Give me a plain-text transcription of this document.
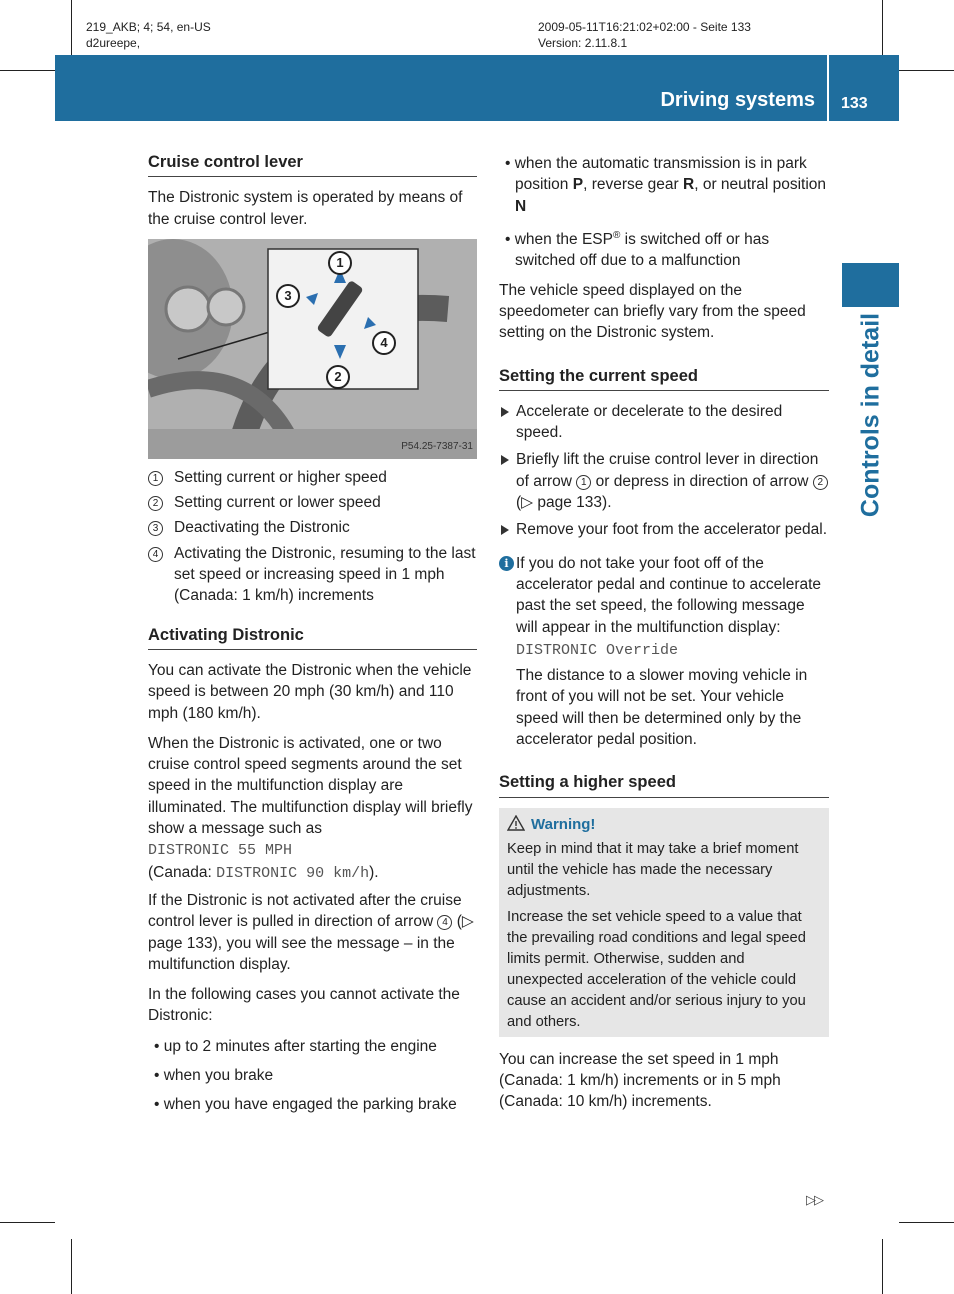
219_AKB; 4; 54, en-US
d2ureepe,
2009-05-11T16:21:02+02:00 - Seite 133
Version: 2.11.8.1
Driving systems 133
Controls in detail
Cruise control lever

The Distronic system is operated by means of the cruise control lever.

1
2
3
4
P54.25-7387-31
1	Setting current or higher speed
2	Setting current or lower speed
3	Deactivating the Distronic
4	Activating the Distronic, resuming to the last set speed or increasing speed in 1 mph (Canada: 1 km/h) increments
Activating Distronic

You can activate the Distronic when the vehicle speed is between 20 mph (30 km/h) and 110 mph (180 km/h).

When the Distronic is activated, one or two cruise control speed segments around the set speed in the multifunction display are illuminated. The multifunction display will briefly show a message such as
DISTRONIC 55 MPH
(Canada: DISTRONIC 90 km/h).

If the Distronic is not activated after the cruise control lever is pulled in direction of arrow 4 (▷ page 133), you will see the message – in the multifunction display.

In the following cases you cannot activate the Distronic:

• up to 2 minutes after starting the engine
• when you brake
• when you have engaged the parking brake
• when the automatic transmission is in park position P, reverse gear R, or neutral position N
• when the ESP® is switched off or has switched off due to a malfunction

The vehicle speed displayed on the speedometer can briefly vary from the speed setting on the Distronic system.

Setting the current speed
Accelerate or decelerate to the desired speed.
Briefly lift the cruise control lever in direction of arrow 1 or depress in direction of arrow 2 (▷ page 133).
Remove your foot from the accelerator pedal.
i If you do not take your foot off of the accelerator pedal and continue to accelerate past the set speed, the following message will appear in the multifunction display:

DISTRONIC Override

The distance to a slower moving vehicle in front of you will not be set. Your vehicle speed will then be determined only by the accelerator pedal position.

Setting a higher speed
Warning!

Keep in mind that it may take a brief moment until the vehicle has made the necessary adjustments.

Increase the set vehicle speed to a value that the prevailing road conditions and legal speed limits permit. Otherwise, sudden and unexpected acceleration of the vehicle could cause an accident and/or serious injury to you and others.

You can increase the set speed in 1 mph (Canada: 1 km/h) increments or in 5 mph (Canada: 10 km/h) increments.

▷▷
